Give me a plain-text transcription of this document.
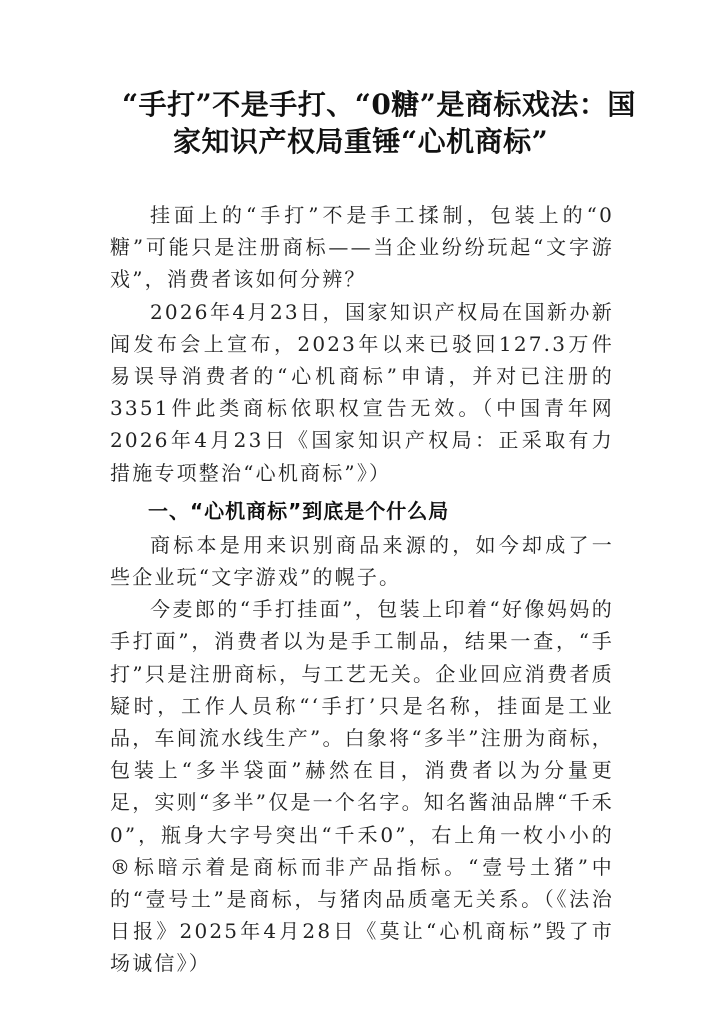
“手打”不是手打、“0糖”是商标戏法：国
家知识产权局重锤“心机商标”

挂面上的“手打”不是手工揉制，包装上的“0糖”可能只是注册商标——当企业纷纷玩起“文字游戏”，消费者该如何分辨？

2026年4月23日，国家知识产权局在国新办新闻发布会上宣布，2023年以来已驳回127.3万件易误导消费者的“心机商标”申请，并对已注册的3351件此类商标依职权宣告无效。（中国青年网2026年4月23日《国家知识产权局：正采取有力措施专项整治“心机商标”》）

一、“心机商标”到底是个什么局

商标本是用来识别商品来源的，如今却成了一些企业玩“文字游戏”的幌子。

今麦郎的“手打挂面”，包装上印着“好像妈妈的手打面”，消费者以为是手工制品，结果一查，“手打”只是注册商标，与工艺无关。企业回应消费者质疑时，工作人员称“‘手打’只是名称，挂面是工业品，车间流水线生产”。白象将“多半”注册为商标，包装上“多半袋面”赫然在目，消费者以为分量更足，实则“多半”仅是一个名字。知名酱油品牌“千禾0”，瓶身大字号突出“千禾0”，右上角一枚小小的®标暗示着是商标而非产品指标。“壹号土猪”中的“壹号土”是商标，与猪肉品质毫无关系。（《法治日报》2025年4月28日《莫让“心机商标”毁了市场诚信》）
